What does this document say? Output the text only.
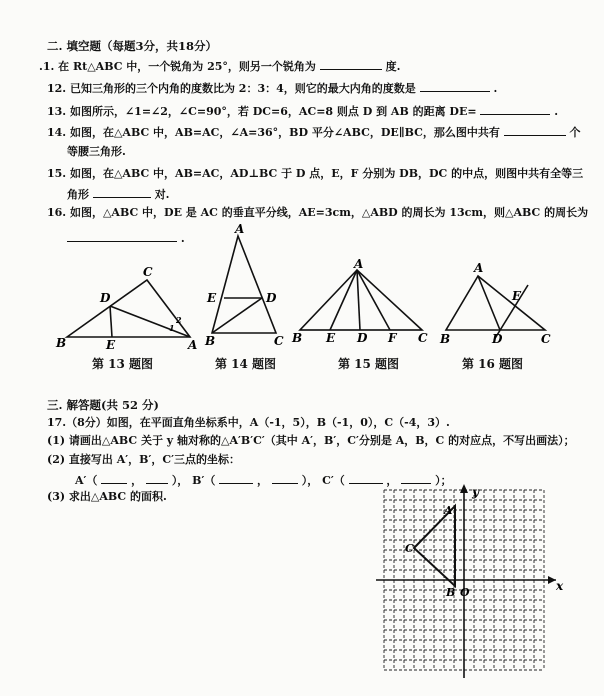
二. 填空题（每题3分，共18分）
.1. 在 Rt△ABC 中，一个锐角为 25°，则另一个锐角为	度.
12. 已知三角形的三个内角的度数比为 2：3：4，则它的最大内角的度数是	.
13. 如图所示，∠1=∠2，∠C=90°，若 DC=6，AC=8 则点 D 到 AB 的距离 DE=	.
14. 如图，在△ABC 中，AB=AC，∠A=36°，BD 平分∠ABC，DE∥BC，那么图中共有	个
等腰三角形.
15. 如图，在△ABC 中，AB=AC，AD⊥BC 于 D 点，E，F 分别为 DB，DC 的中点，则图中共有全等三
角形	对.
16. 如图，△ABC 中，DE 是 AC 的垂直平分线，AE=3cm，△ABD 的周长为 13cm，则△ABC 的周长为
.
C
D
B	E	A
1
2
A
E	D
B	C
A
B E D F C
A
E
B	D	C
第 13 题图	第 14 题图	第 15 题图	第 16 题图
三. 解答题(共 52 分)
17.（8分）如图，在平面直角坐标系中，A（-1，5），B（-1，0），C（-4，3）.
(1) 请画出△ABC 关于 y 轴对称的△A′B′C′（其中 A′，B′，C′分别是 A，B，C 的对应点，不写出画法）；
(2) 直接写出 A′，B′，C′三点的坐标：
A′（	，	）， B′（	，	）， C′（	，	）；
(3) 求出△ABC 的面积.	y
x
A
C
B O
